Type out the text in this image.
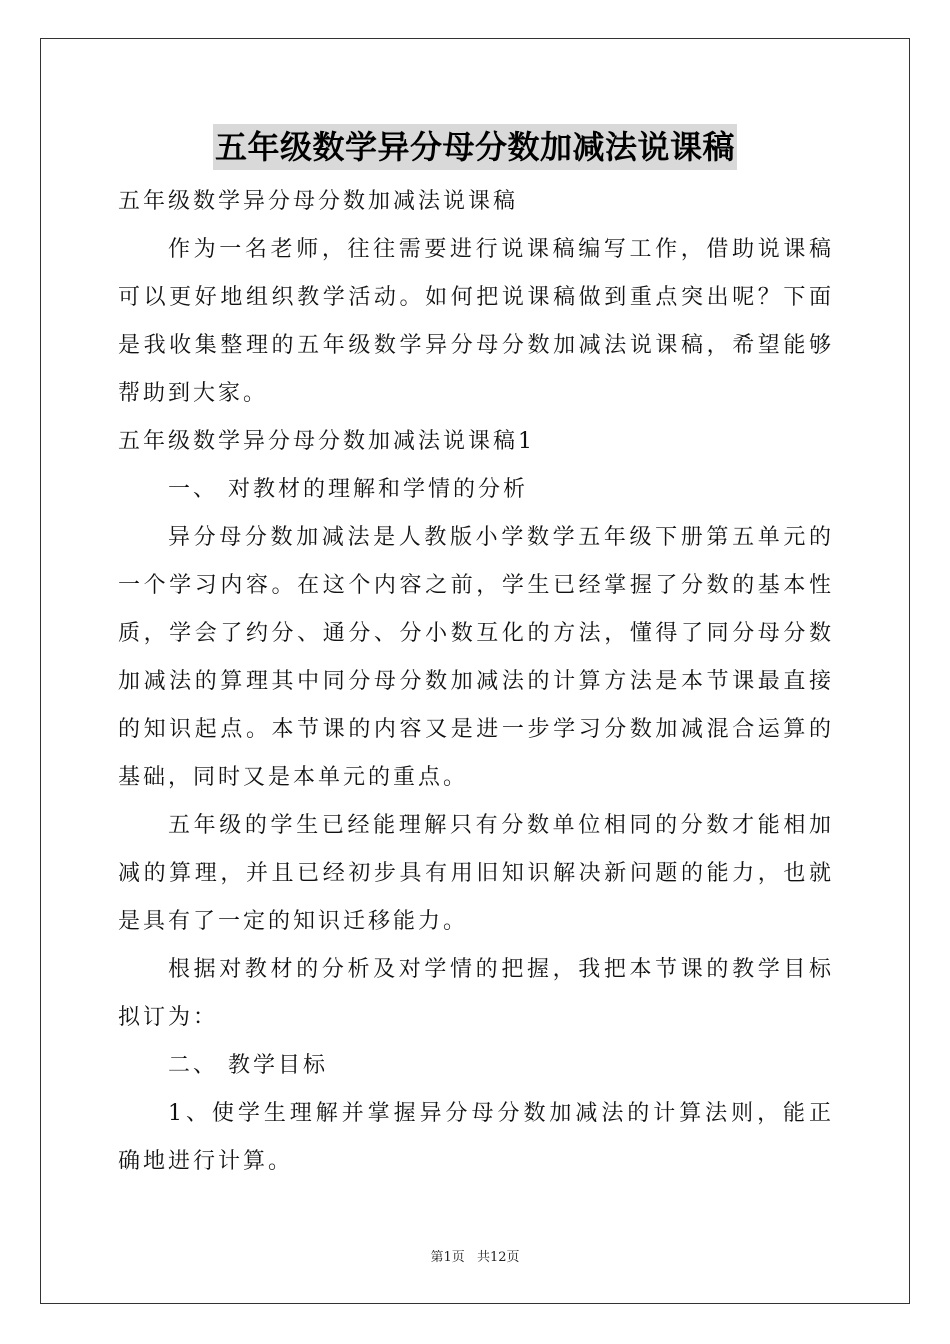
五年级数学异分母分数加减法说课稿

五年级数学异分母分数加减法说课稿

作为一名老师，往往需要进行说课稿编写工作，借助说课稿可以更好地组织教学活动。如何把说课稿做到重点突出呢？下面是我收集整理的五年级数学异分母分数加减法说课稿，希望能够帮助到大家。

五年级数学异分母分数加减法说课稿1

一、 对教材的理解和学情的分析

异分母分数加减法是人教版小学数学五年级下册第五单元的一个学习内容。在这个内容之前，学生已经掌握了分数的基本性质，学会了约分、通分、分小数互化的方法，懂得了同分母分数加减法的算理其中同分母分数加减法的计算方法是本节课最直接的知识起点。本节课的内容又是进一步学习分数加减混合运算的基础，同时又是本单元的重点。

五年级的学生已经能理解只有分数单位相同的分数才能相加减的算理，并且已经初步具有用旧知识解决新问题的能力，也就是具有了一定的知识迁移能力。

根据对教材的分析及对学情的把握，我把本节课的教学目标拟订为：

二、 教学目标

1、使学生理解并掌握异分母分数加减法的计算法则，能正确地进行计算。

第1页 共12页
